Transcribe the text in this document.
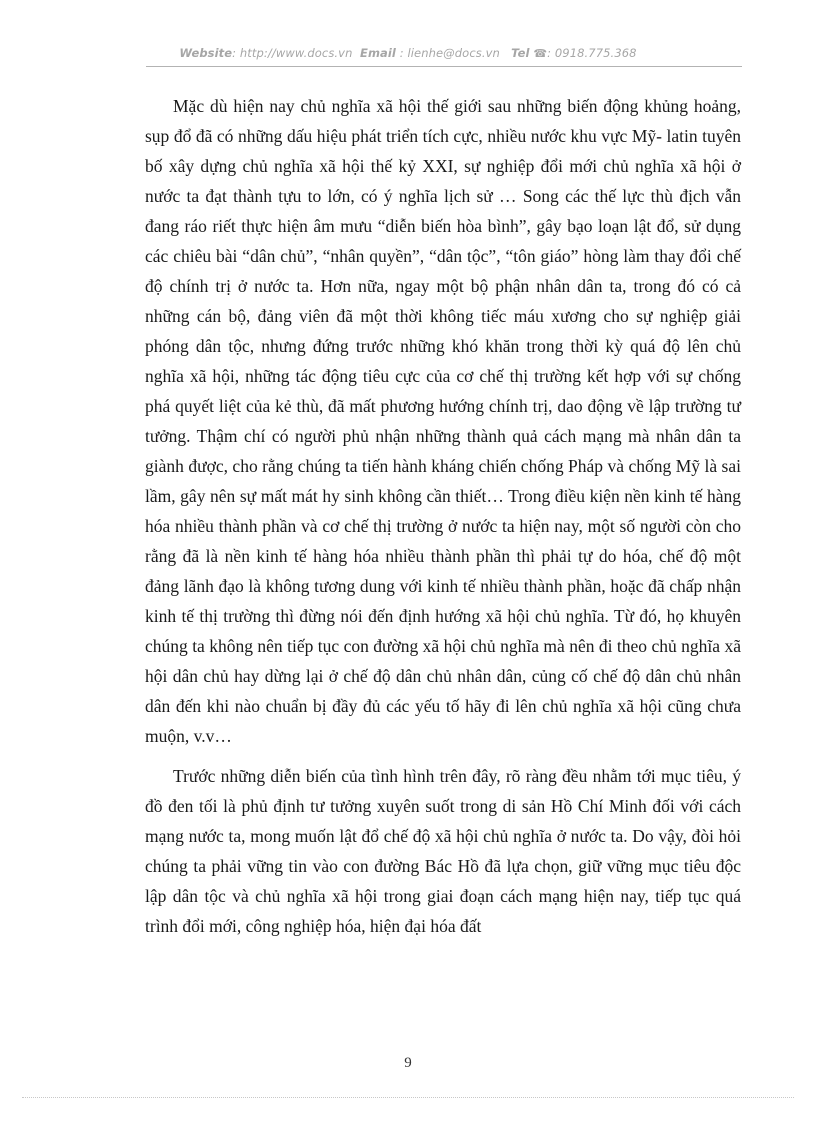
Website: http://www.docs.vn Email : lienhe@docs.vn Tel ☎: 0918.775.368

Mặc dù hiện nay chủ nghĩa xã hội thế giới sau những biến động khủng hoảng, sụp đổ đã có những dấu hiệu phát triển tích cực, nhiều nước khu vực Mỹ- latin tuyên bố xây dựng chủ nghĩa xã hội thế kỷ XXI, sự nghiệp đổi mới chủ nghĩa xã hội ở nước ta đạt thành tựu to lớn, có ý nghĩa lịch sử … Song các thế lực thù địch vẫn đang ráo riết thực hiện âm mưu “diễn biến hòa bình”, gây bạo loạn lật đổ, sử dụng các chiêu bài “dân chủ”, “nhân quyền”, “dân tộc”, “tôn giáo” hòng làm thay đổi chế độ chính trị ở nước ta. Hơn nữa, ngay một bộ phận nhân dân ta, trong đó có cả những cán bộ, đảng viên đã một thời không tiếc máu xương cho sự nghiệp giải phóng dân tộc, nhưng đứng trước những khó khăn trong thời kỳ quá độ lên chủ nghĩa xã hội, những tác động tiêu cực của cơ chế thị trường kết hợp với sự chống phá quyết liệt của kẻ thù, đã mất phương hướng chính trị, dao động về lập trường tư tưởng. Thậm chí có người phủ nhận những thành quả cách mạng mà nhân dân ta giành được, cho rằng chúng ta tiến hành kháng chiến chống Pháp và chống Mỹ là sai lầm, gây nên sự mất mát hy sinh không cần thiết… Trong điều kiện nền kinh tế hàng hóa nhiều thành phần và cơ chế thị trường ở nước ta hiện nay, một số người còn cho rằng đã là nền kinh tế hàng hóa nhiều thành phần thì phải tự do hóa, chế độ một đảng lãnh đạo là không tương dung với kinh tế nhiều thành phần, hoặc đã chấp nhận kinh tế thị trường thì đừng nói đến định hướng xã hội chủ nghĩa. Từ đó, họ khuyên chúng ta không nên tiếp tục con đường xã hội chủ nghĩa mà nên đi theo chủ nghĩa xã hội dân chủ hay dừng lại ở chế độ dân chủ nhân dân, củng cố chế độ dân chủ nhân dân đến khi nào chuẩn bị đầy đủ các yếu tố hãy đi lên chủ nghĩa xã hội cũng chưa muộn, v.v…

Trước những diễn biến của tình hình trên đây, rõ ràng đều nhằm tới mục tiêu, ý đồ đen tối là phủ định tư tưởng xuyên suốt trong di sản Hồ Chí Minh đối với cách mạng nước ta, mong muốn lật đổ chế độ xã hội chủ nghĩa ở nước ta. Do vậy, đòi hỏi chúng ta phải vững tin vào con đường Bác Hồ đã lựa chọn, giữ vững mục tiêu độc lập dân tộc và chủ nghĩa xã hội trong giai đoạn cách mạng hiện nay, tiếp tục quá trình đổi mới, công nghiệp hóa, hiện đại hóa đất

9
